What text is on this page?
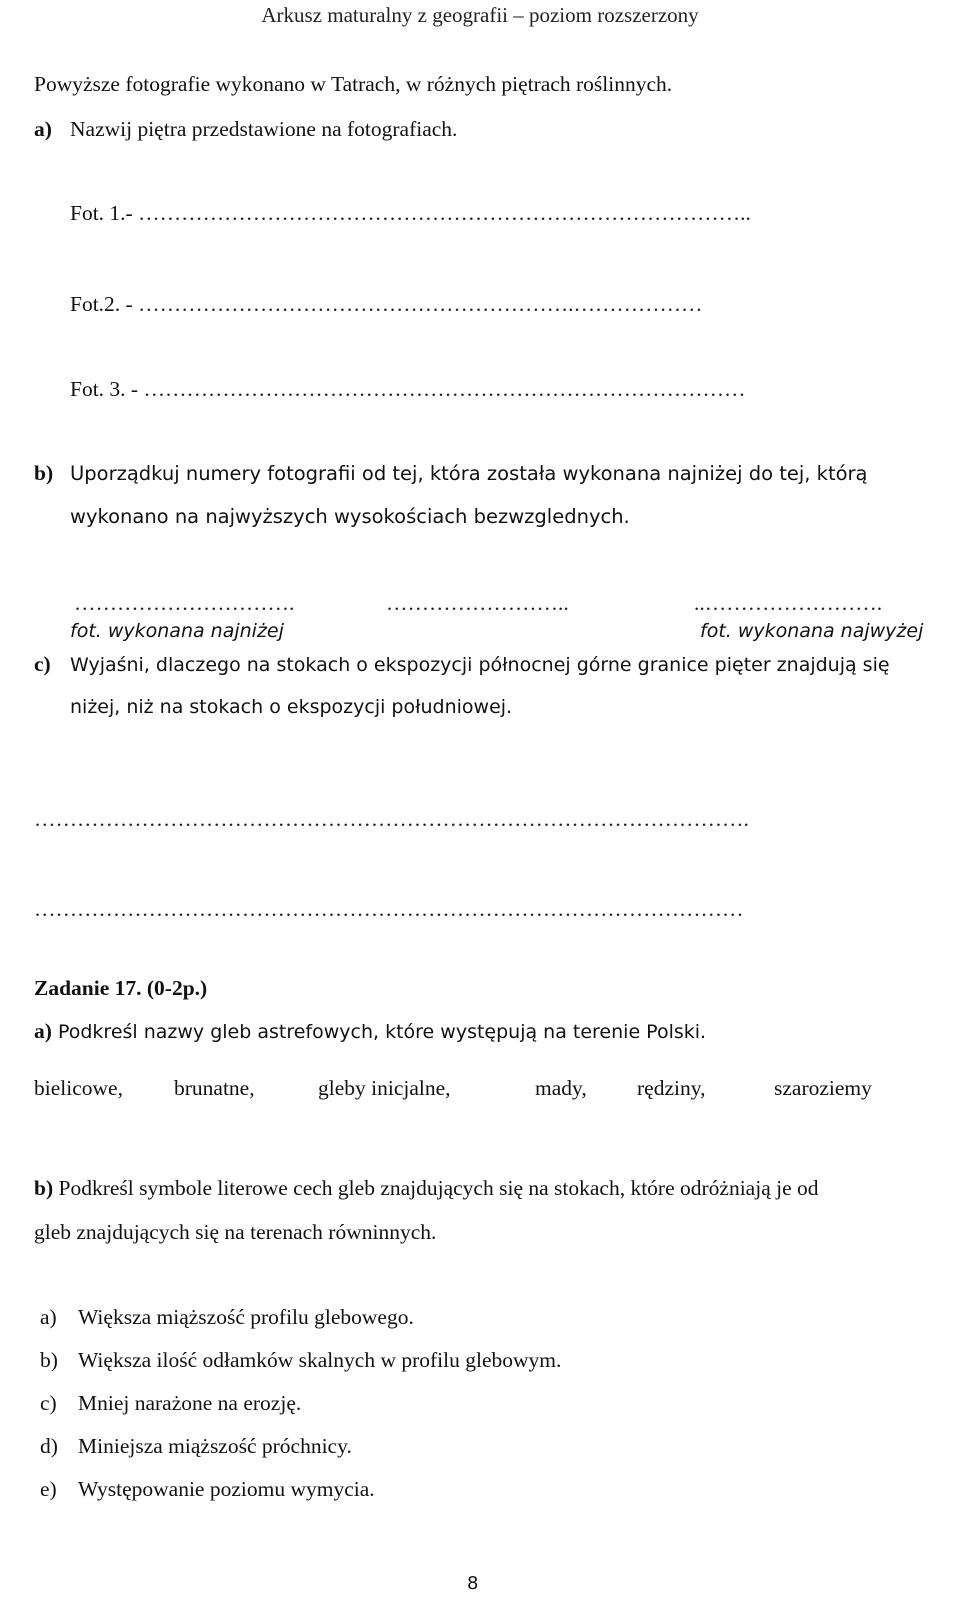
Arkusz maturalny z geografii – poziom rozszerzony
Powyższe fotografie wykonano w Tatrach, w różnych piętrach roślinnych.
a) Nazwij piętra przedstawione na fotografiach.
Fot. 1.- …………………………………………………………………………..
Fot.2. - …………………………………………………….………………
Fot. 3. - …………………………………………………………………………
b) Uporządkuj numery fotografii od tej, która została wykonana najniżej do tej, którą
wykonano na najwyższych wysokościach bezwzglednych.
………………………….	……………………..	..…………………….
fot. wykonana najniżej	fot. wykonana najwyżej
c) Wyjaśni, dlaczego na stokach o ekspozycji północnej górne granice pięter znajdują się
niżej, niż na stokach o ekspozycji południowej.
……………………………………………………………………………………….
………………………………………………………………………………………
Zadanie 17. (0-2p.)
a) Podkreśl nazwy gleb astrefowych, które występują na terenie Polski.
bielicowe, brunatne,	gleby inicjalne,	mady, rędziny,	szaroziemy
b) Podkreśl symbole literowe cech gleb znajdujących się na stokach, które odróżniają je od
gleb znajdujących się na terenach równinnych.
a) Większa miąższość profilu glebowego.
b) Większa ilość odłamków skalnych w profilu glebowym.
c) Mniej narażone na erozję.
d) Miniejsza miąższość próchnicy.
e) Występowanie poziomu wymycia.
8
